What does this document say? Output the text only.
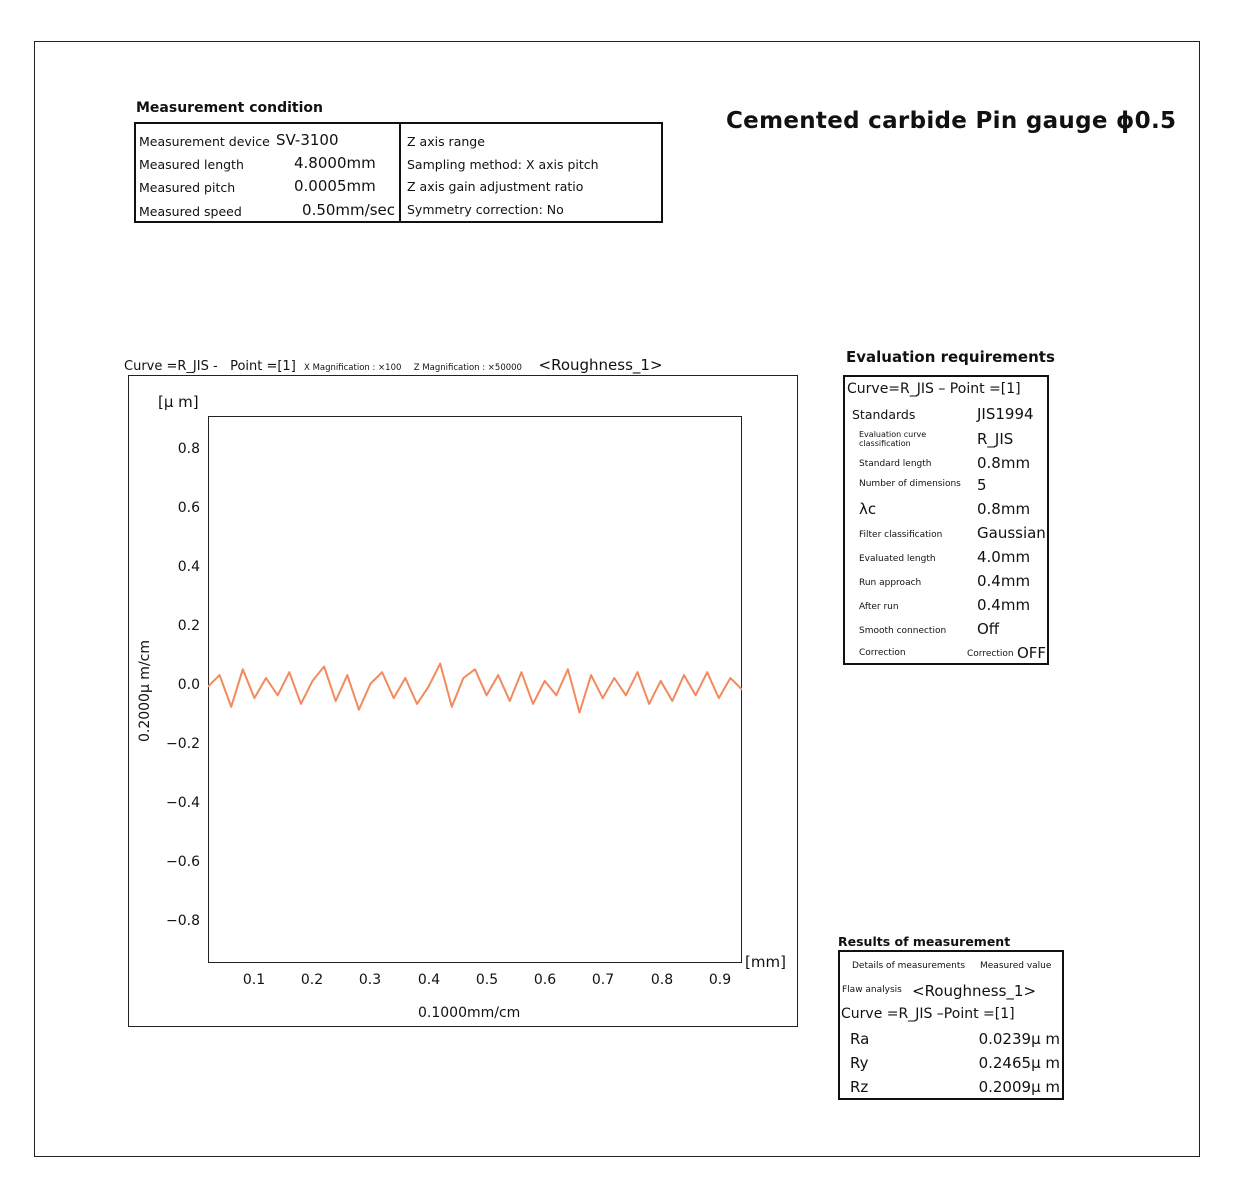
Measurement condition
Measurement device SV-3100
Measured length	4.8000mm
Measured pitch	0.0005mm
Measured speed	0.50mm/sec
Z axis range
Sampling method: X axis pitch
Z axis gain adjustment ratio
Symmetry correction: No
Cemented carbide Pin gauge ϕ0.5
Curve =R_JIS - Point =[1] X Magnification : ×100 Z Magnification : ×50000 <Roughness_1>
[μ m]
[mm]
0.8
0.6
0.4
0.2
0.0
−0.2
−0.4
−0.6
−0.8
0.1	0.2	0.3	0.4	0.5	0.6	0.7	0.8	0.9
0.1000mm/cm
0.2000μ m/cm
Evaluation requirements
Curve=R_JIS – Point =[1]
Standards	JIS1994
Evaluation curve classification	R_JIS
Standard length	0.8mm
Number of dimensions 5
λc	0.8mm
Filter classification Gaussian
Evaluated length	4.0mm
Run approach	0.4mm
After run	0.4mm
Smooth connection Off
Correction	Correction OFF
Results of measurement
Details of measurements Measured value
Flaw analysis <Roughness_1>
Curve =R_JIS –Point =[1]
Ra	0.0239μ m
Ry	0.2465μ m
Rz	0.2009μ m
